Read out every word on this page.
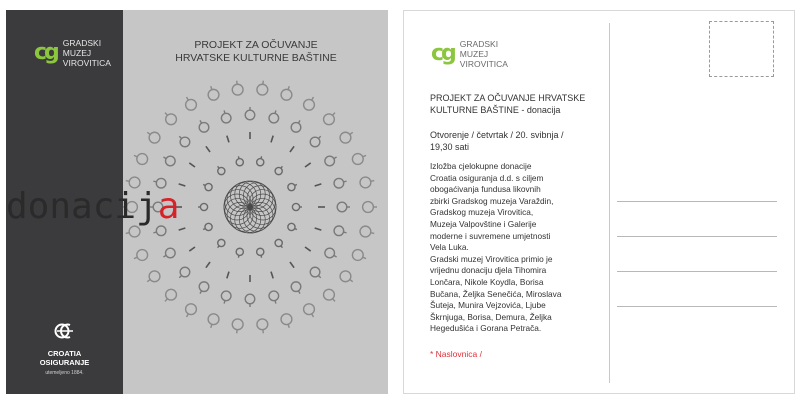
cg GRADSKI
MUZEJ
VIROVITICA
CROATIA
OSIGURANJE
utemeljeno 1884.
PROJEKT ZA OČUVANJE
HRVATSKE KULTURNE BAŠTINE
donacija
cg GRADSKI
MUZEJ
VIROVITICA
PROJEKT ZA OČUVANJE HRVATSKE
KULTURNE BAŠTINE - donacija
Otvorenje / četvrtak / 20. svibnja /
19,30 sati
Izložba cjelokupne donacije
Croatia osiguranja d.d. s ciljem
obogaćivanja fundusa likovnih
zbirki Gradskog muzeja Varaždin,
Gradskog muzeja Virovitica,
Muzeja Valpovštine i Galerije
moderne i suvremene umjetnosti
Vela Luka.
Gradski muzej Virovitica primio je
vrijednu donaciju djela Tihomira
Lončara, Nikole Koydla, Borisa
Bučana, Željka Senečića, Miroslava
Šuteja, Munira Vejzovića, Ljube
Škrnjuga, Borisa, Demura, Željka
Hegedušića i Gorana Petrača.
* Naslovnica /
